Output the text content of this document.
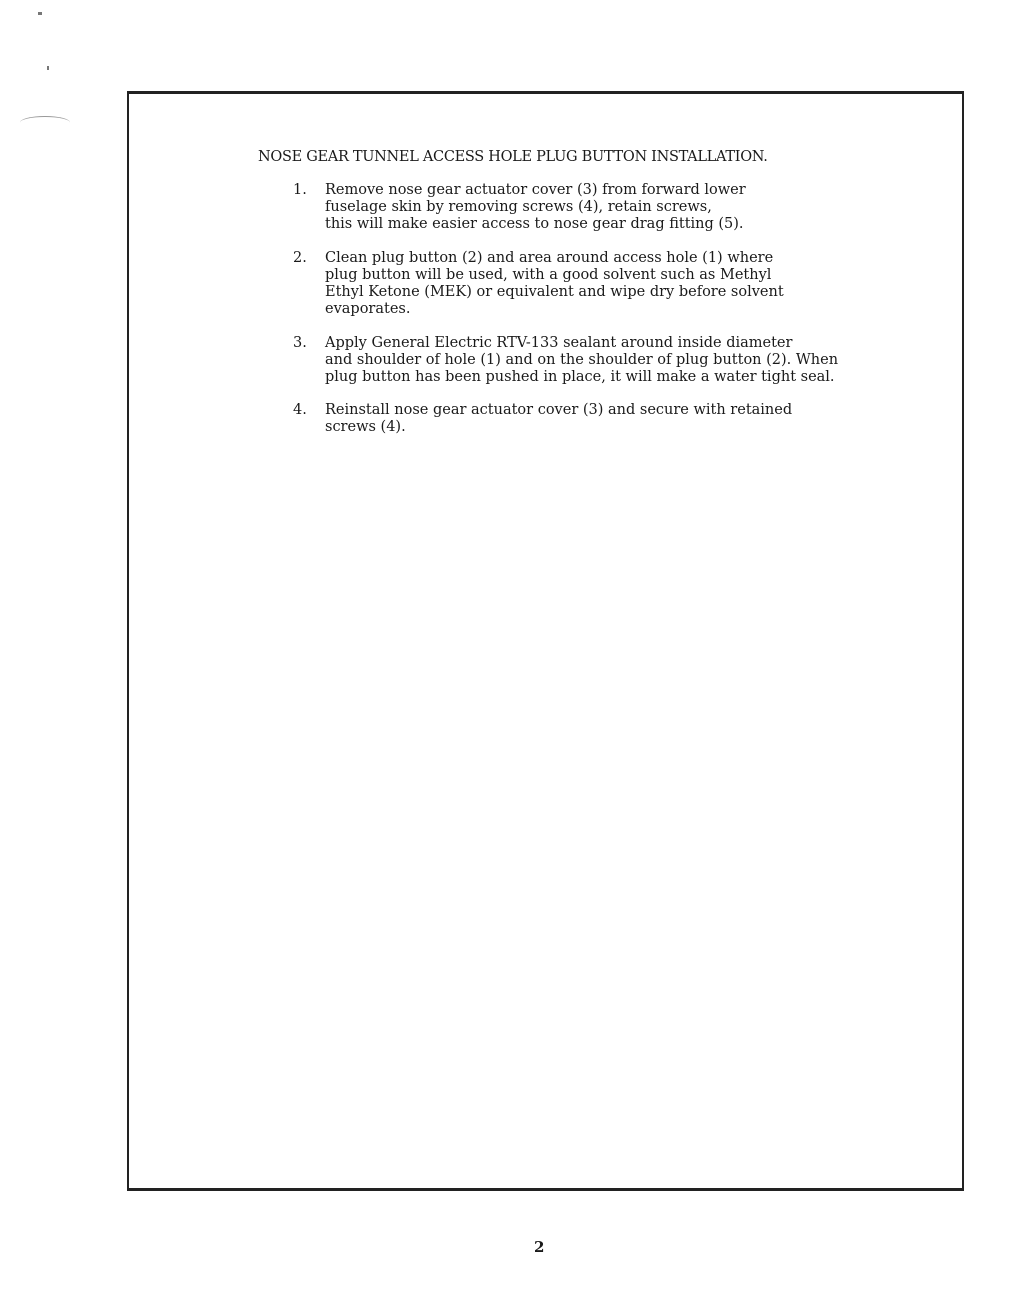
NOSE GEAR TUNNEL ACCESS HOLE PLUG BUTTON INSTALLATION.
1.	Remove nose gear actuator cover (3) from forward lower
fuselage skin by removing screws (4), retain screws,
this will make easier access to nose gear drag fitting (5).
2.	Clean plug button (2) and area around access hole (1) where
plug button will be used, with a good solvent such as Methyl
Ethyl Ketone (MEK) or equivalent and wipe dry before solvent
evaporates.
3.	Apply General Electric RTV-133 sealant around inside diameter
and shoulder of hole (1) and on the shoulder of plug button (2). When
plug button has been pushed in place, it will make a water tight seal.
4.	Reinstall nose gear actuator cover (3) and secure with retained
screws (4).
2
